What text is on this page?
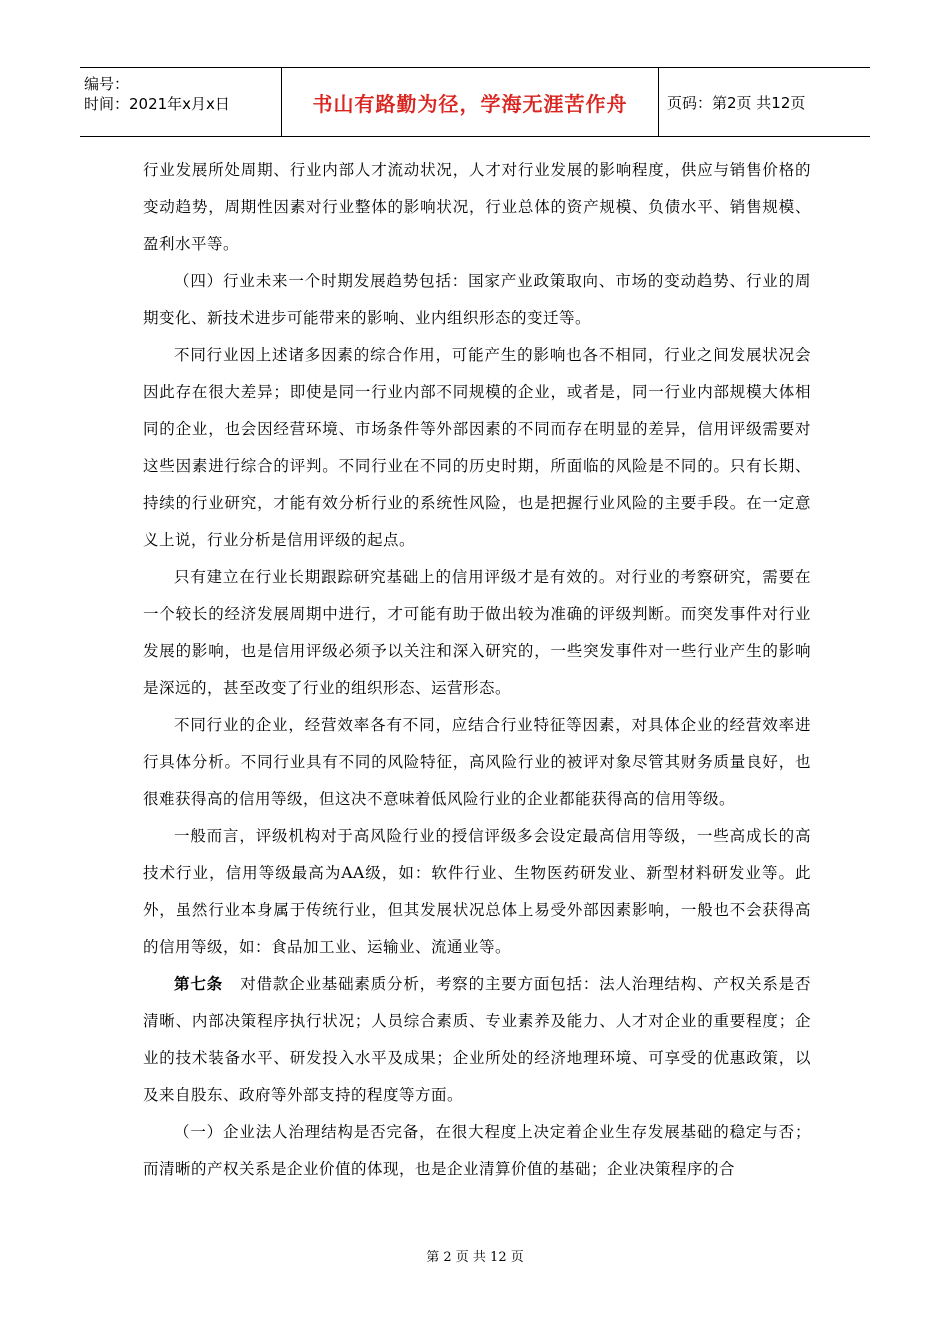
编号：
时间：2021年x月x日	书山有路勤为径，学海无涯苦作舟	页码：第2页 共12页

行业发展所处周期、行业内部人才流动状况，人才对行业发展的影响程度，供应与销售价格的变动趋势，周期性因素对行业整体的影响状况，行业总体的资产规模、负债水平、销售规模、盈利水平等。

（四）行业未来一个时期发展趋势包括：国家产业政策取向、市场的变动趋势、行业的周期变化、新技术进步可能带来的影响、业内组织形态的变迁等。

不同行业因上述诸多因素的综合作用，可能产生的影响也各不相同，行业之间发展状况会因此存在很大差异；即使是同一行业内部不同规模的企业，或者是，同一行业内部规模大体相同的企业，也会因经营环境、市场条件等外部因素的不同而存在明显的差异，信用评级需要对这些因素进行综合的评判。不同行业在不同的历史时期，所面临的风险是不同的。只有长期、持续的行业研究，才能有效分析行业的系统性风险，也是把握行业风险的主要手段。在一定意义上说，行业分析是信用评级的起点。

只有建立在行业长期跟踪研究基础上的信用评级才是有效的。对行业的考察研究，需要在一个较长的经济发展周期中进行，才可能有助于做出较为准确的评级判断。而突发事件对行业发展的影响，也是信用评级必须予以关注和深入研究的，一些突发事件对一些行业产生的影响是深远的，甚至改变了行业的组织形态、运营形态。

不同行业的企业，经营效率各有不同，应结合行业特征等因素，对具体企业的经营效率进行具体分析。不同行业具有不同的风险特征，高风险行业的被评对象尽管其财务质量良好，也很难获得高的信用等级，但这决不意味着低风险行业的企业都能获得高的信用等级。

一般而言，评级机构对于高风险行业的授信评级多会设定最高信用等级，一些高成长的高技术行业，信用等级最高为AA级，如：软件行业、生物医药研发业、新型材料研发业等。此外，虽然行业本身属于传统行业，但其发展状况总体上易受外部因素影响，一般也不会获得高的信用等级，如：食品加工业、运输业、流通业等。

第七条 对借款企业基础素质分析，考察的主要方面包括：法人治理结构、产权关系是否清晰、内部决策程序执行状况；人员综合素质、专业素养及能力、人才对企业的重要程度；企业的技术装备水平、研发投入水平及成果；企业所处的经济地理环境、可享受的优惠政策，以及来自股东、政府等外部支持的程度等方面。

（一）企业法人治理结构是否完备，在很大程度上决定着企业生存发展基础的稳定与否；而清晰的产权关系是企业价值的体现，也是企业清算价值的基础；企业决策程序的合

第 2 页 共 12 页
